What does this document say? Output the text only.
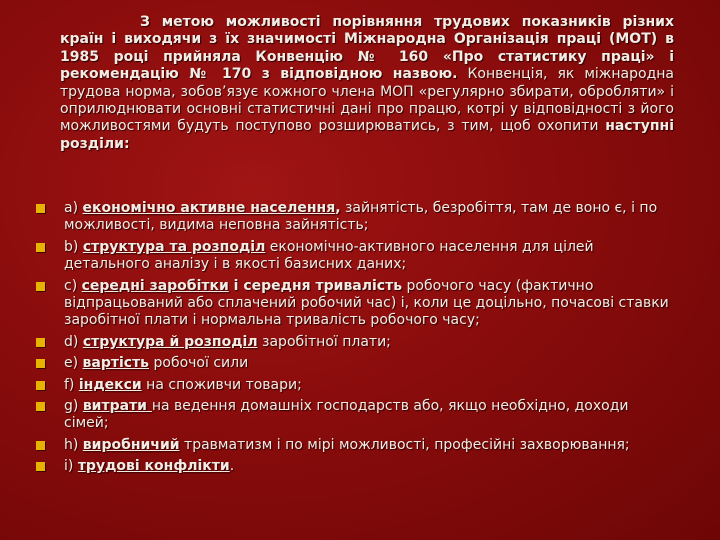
З метою можливості порівняння трудових показників різних країн і виходячи з їх значимості Міжнародна Організація праці (МОТ) в 1985 році прийняла Конвенцію № 160 «Про статистику праці» і рекомендацію № 170 з відповідною назвою. Конвенція, як міжнародна трудова норма, зобов’язує кожного члена МОП «регулярно збирати, обробляти» і оприлюднювати основні статистичні дані про працю, котрі у відповідності з його можливостями будуть поступово розширюватись, з тим, щоб охопити наступні розділи:
a) економічно активне населення, зайнятість, безробіття, там де воно є, і по можливості, видима неповна зайнятість;
b) структура та розподіл економічно-активного населення для цілей детального аналізу і в якості базисних даних;
c) середні заробітки і середня тривалість робочого часу (фактично відпрацьований або сплачений робочий час) і, коли це доцільно, почасові ставки заробітної плати і нормальна тривалість робочого часу;
d) структура й розподіл заробітної плати;
e) вартість робочої сили
f) індекси на споживчи товари;
g) витрати на ведення домашніх господарств або, якщо необхідно, доходи сімей;
h) виробничий травматизм і по мірі можливості, професійні захворювання;
i) трудові конфлікти.
